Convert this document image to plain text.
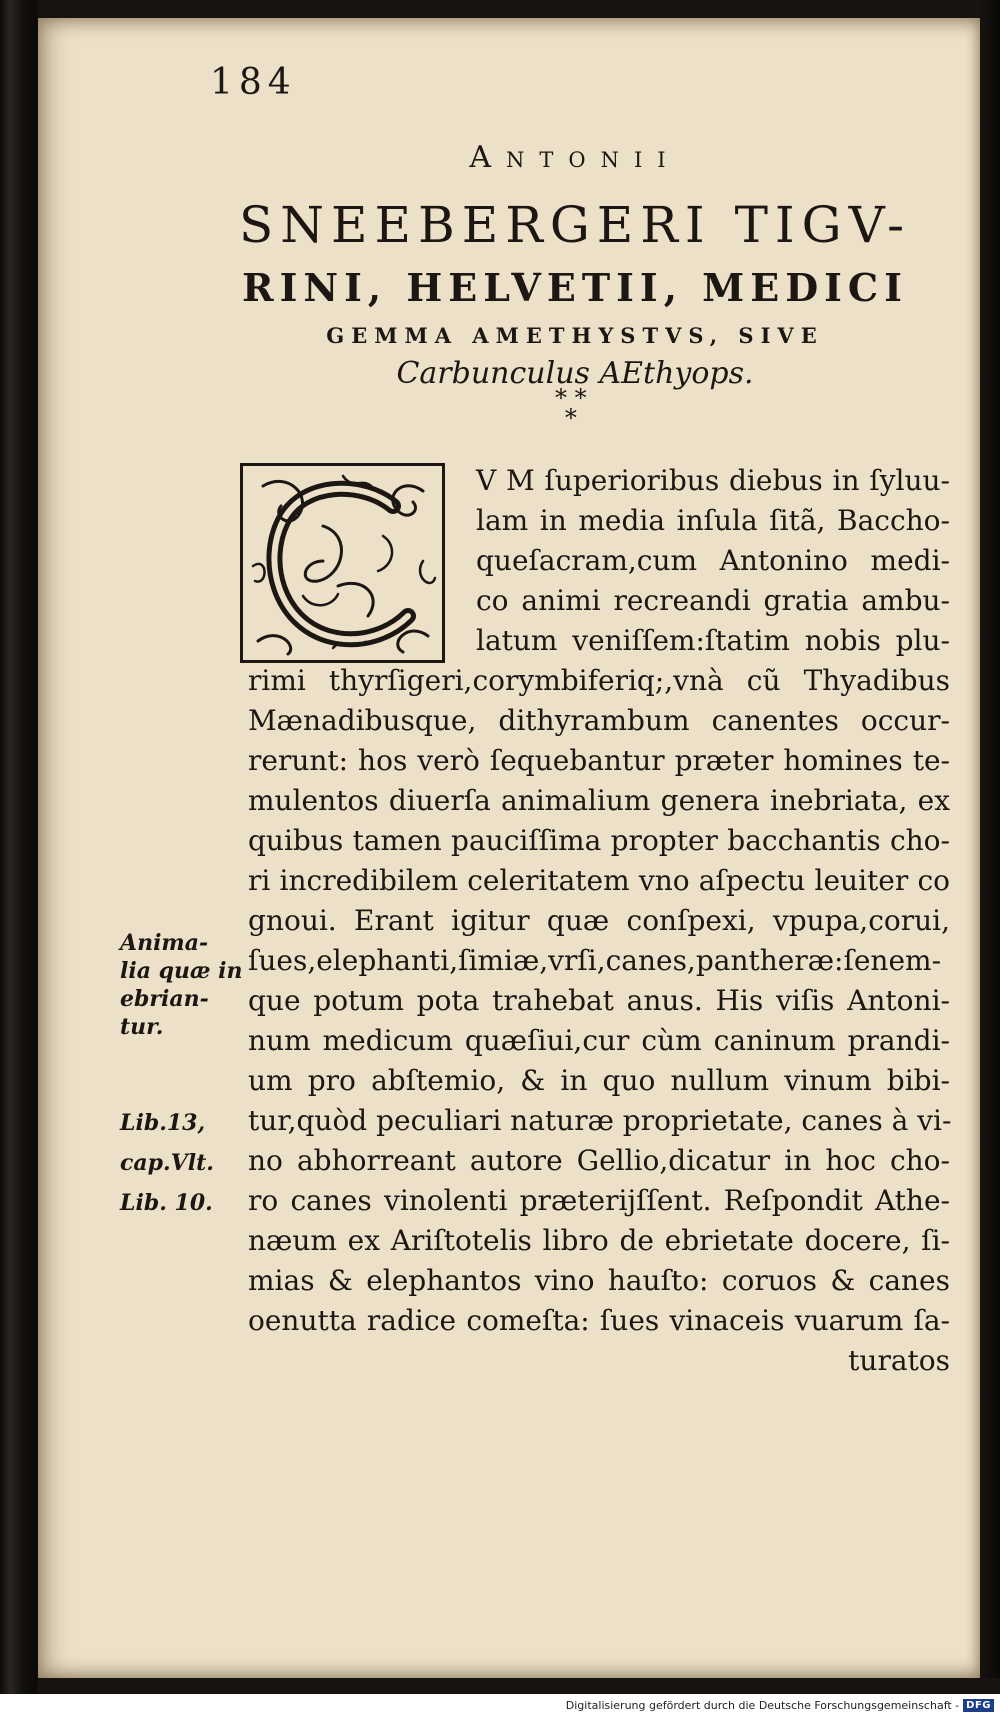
184
Antonii
SNEEBERGERI TIGV-
RINI, HELVETII, MEDICI
GEMMA AMETHYSTVS, SIVE
Carbunculus AEthyops.
* *
*
V M ſuperioribus diebus in ſyluu-
lam in media inſula ſitã, Baccho-
queſacram,cum Antonino medi-
co animi recreandi gratia ambu-
latum veniſſem:ſtatim nobis plu-
rimi thyrſigeri,corymbiferiq;,vnà cũ Thyadibus
Mænadibusque, dithyrambum canentes occur-
rerunt: hos verò ſequebantur præter homines te-
mulentos diuerſa animalium genera inebriata, ex
quibus tamen pauciſſima propter bacchantis cho-
ri incredibilem celeritatem vno aſpectu leuiter co
gnoui. Erant igitur quæ conſpexi, vpupa,corui,
ſues,elephanti,ſimiæ,vrſi,canes,pantheræ:ſenem-
que potum pota trahebat anus. His viſis Antoni-
num medicum quæſiui,cur cùm caninum prandi-
um pro abſtemio, & in quo nullum vinum bibi-
tur,quòd peculiari naturæ proprietate, canes à vi-
no abhorreant autore Gellio,dicatur in hoc cho-
ro canes vinolenti præterijſſent. Reſpondit Athe-
næum ex Ariſtotelis libro de ebrietate docere, ſi-
mias & elephantos vino hauſto: coruos & canes
oenutta radice comeſta: ſues vinaceis vuarum ſa-
turatos
Anima-
lia quæ in
ebrian-
tur.
Lib.13,
cap.Vlt.
Lib. 10.
Digitalisierung gefördert durch die Deutsche Forschungsgemeinschaft - DFG
